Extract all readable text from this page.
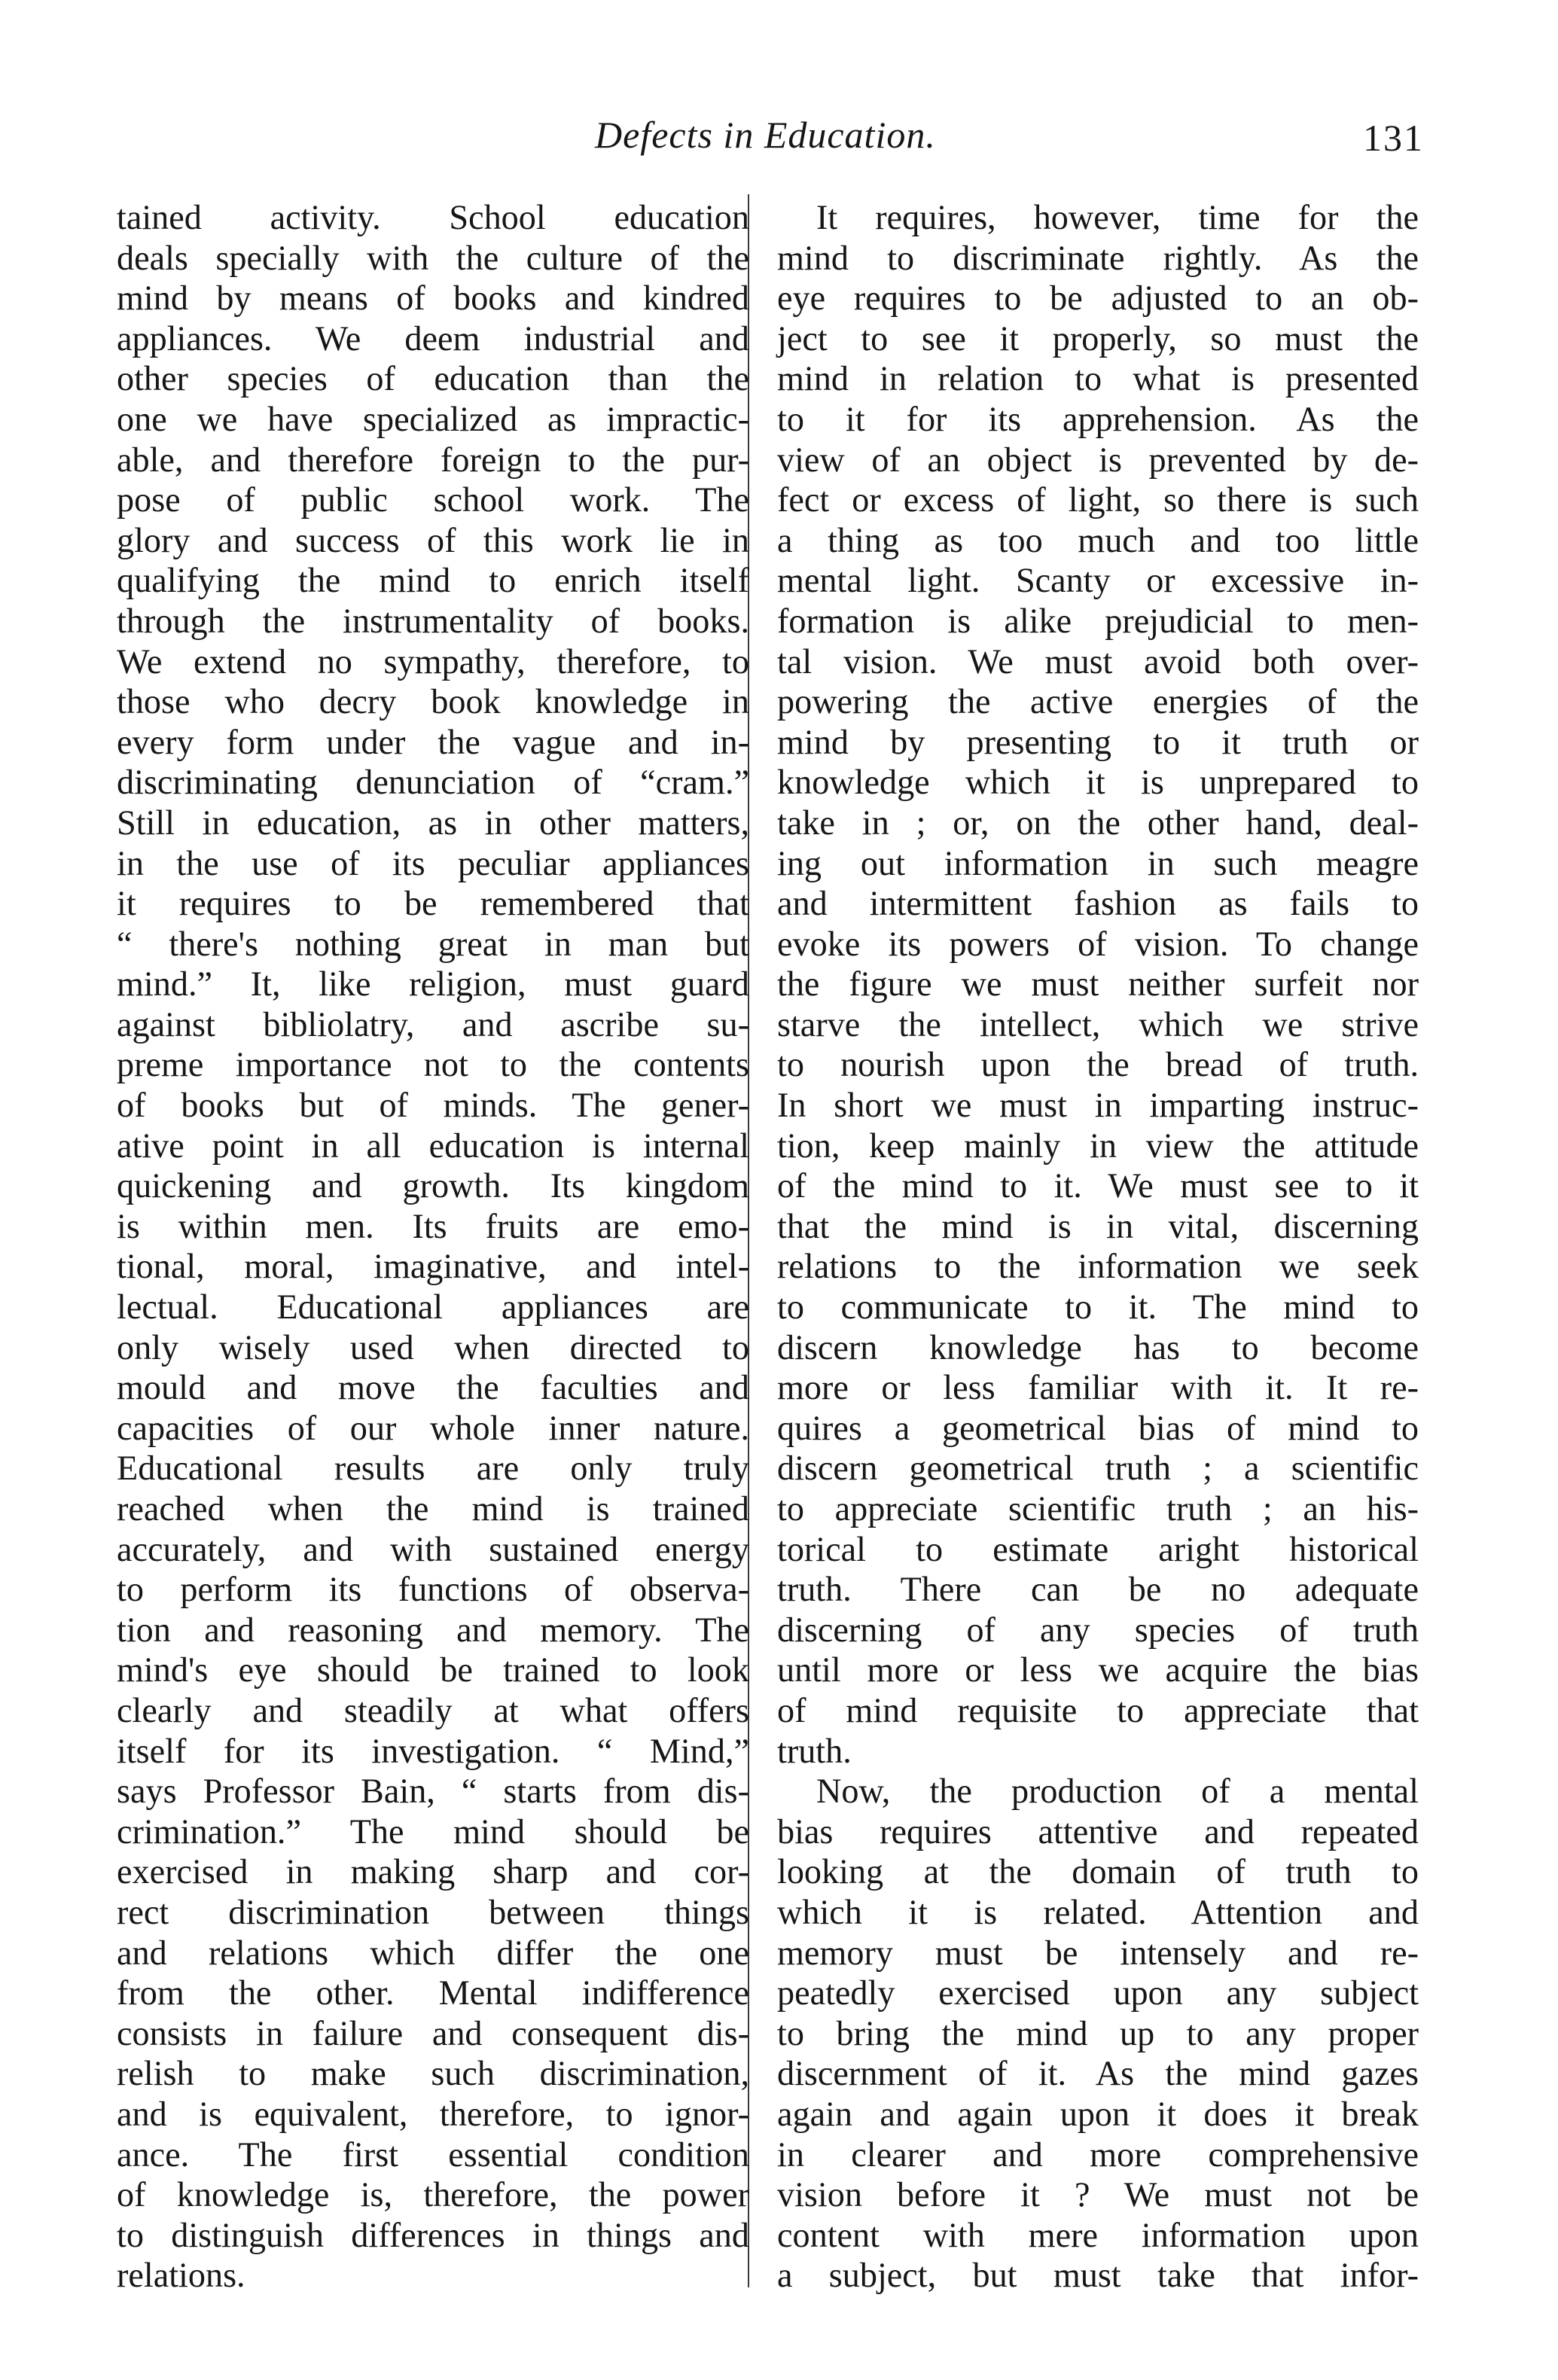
Defects in Education.	131
tained activity. School education
deals specially with the culture of the
mind by means of books and kindred
appliances. We deem industrial and
other species of education than the
one we have specialized as impractic-
able, and therefore foreign to the pur-
pose of public school work. The
glory and success of this work lie in
qualifying the mind to enrich itself
through the instrumentality of books.
We extend no sympathy, therefore, to
those who decry book knowledge in
every form under the vague and in-
discriminating denunciation of “cram.”
Still in education, as in other matters,
in the use of its peculiar appliances
it requires to be remembered that
“ there's nothing great in man but
mind.” It, like religion, must guard
against bibliolatry, and ascribe su-
preme importance not to the contents
of books but of minds. The gener-
ative point in all education is internal
quickening and growth. Its kingdom
is within men. Its fruits are emo-
tional, moral, imaginative, and intel-
lectual. Educational appliances are
only wisely used when directed to
mould and move the faculties and
capacities of our whole inner nature.
Educational results are only truly
reached when the mind is trained
accurately, and with sustained energy
to perform its functions of observa-
tion and reasoning and memory. The
mind's eye should be trained to look
clearly and steadily at what offers
itself for its investigation. “ Mind,”
says Professor Bain, “ starts from dis-
crimination.” The mind should be
exercised in making sharp and cor-
rect discrimination between things
and relations which differ the one
from the other. Mental indifference
consists in failure and consequent dis-
relish to make such discrimination,
and is equivalent, therefore, to ignor-
ance. The first essential condition
of knowledge is, therefore, the power
to distinguish differences in things and
relations.
It requires, however, time for the
mind to discriminate rightly. As the
eye requires to be adjusted to an ob-
ject to see it properly, so must the
mind in relation to what is presented
to it for its apprehension. As the
view of an object is prevented by de-
fect or excess of light, so there is such
a thing as too much and too little
mental light. Scanty or excessive in-
formation is alike prejudicial to men-
tal vision. We must avoid both over-
powering the active energies of the
mind by presenting to it truth or
knowledge which it is unprepared to
take in ; or, on the other hand, deal-
ing out information in such meagre
and intermittent fashion as fails to
evoke its powers of vision. To change
the figure we must neither surfeit nor
starve the intellect, which we strive
to nourish upon the bread of truth.
In short we must in imparting instruc-
tion, keep mainly in view the attitude
of the mind to it. We must see to it
that the mind is in vital, discerning
relations to the information we seek
to communicate to it. The mind to
discern knowledge has to become
more or less familiar with it. It re-
quires a geometrical bias of mind to
discern geometrical truth ; a scientific
to appreciate scientific truth ; an his-
torical to estimate aright historical
truth. There can be no adequate
discerning of any species of truth
until more or less we acquire the bias
of mind requisite to appreciate that
truth.
Now, the production of a mental
bias requires attentive and repeated
looking at the domain of truth to
which it is related. Attention and
memory must be intensely and re-
peatedly exercised upon any subject
to bring the mind up to any proper
discernment of it. As the mind gazes
again and again upon it does it break
in clearer and more comprehensive
vision before it ? We must not be
content with mere information upon
a subject, but must take that infor-
